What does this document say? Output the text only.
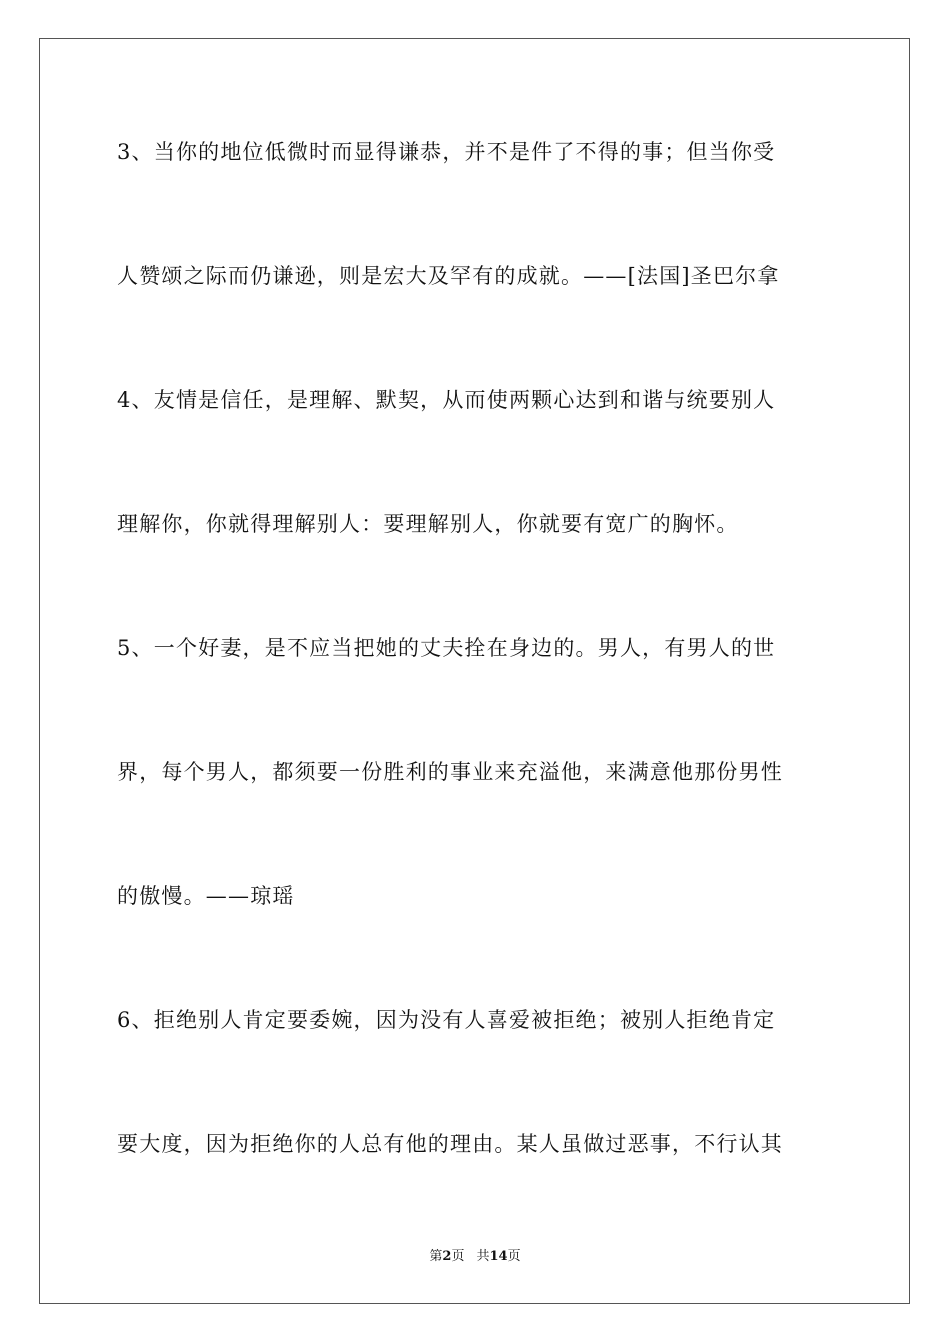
3、当你的地位低微时而显得谦恭，并不是件了不得的事；但当你受
人赞颂之际而仍谦逊，则是宏大及罕有的成就。——[法国]圣巴尔拿
4、友情是信任，是理解、默契，从而使两颗心达到和谐与统要别人
理解你，你就得理解别人：要理解别人，你就要有宽广的胸怀。
5、一个好妻，是不应当把她的丈夫拴在身边的。男人，有男人的世
界，每个男人，都须要一份胜利的事业来充溢他，来满意他那份男性
的傲慢。——琼瑶
6、拒绝别人肯定要委婉，因为没有人喜爱被拒绝；被别人拒绝肯定
要大度，因为拒绝你的人总有他的理由。某人虽做过恶事，不行认其
第2页 共14页
